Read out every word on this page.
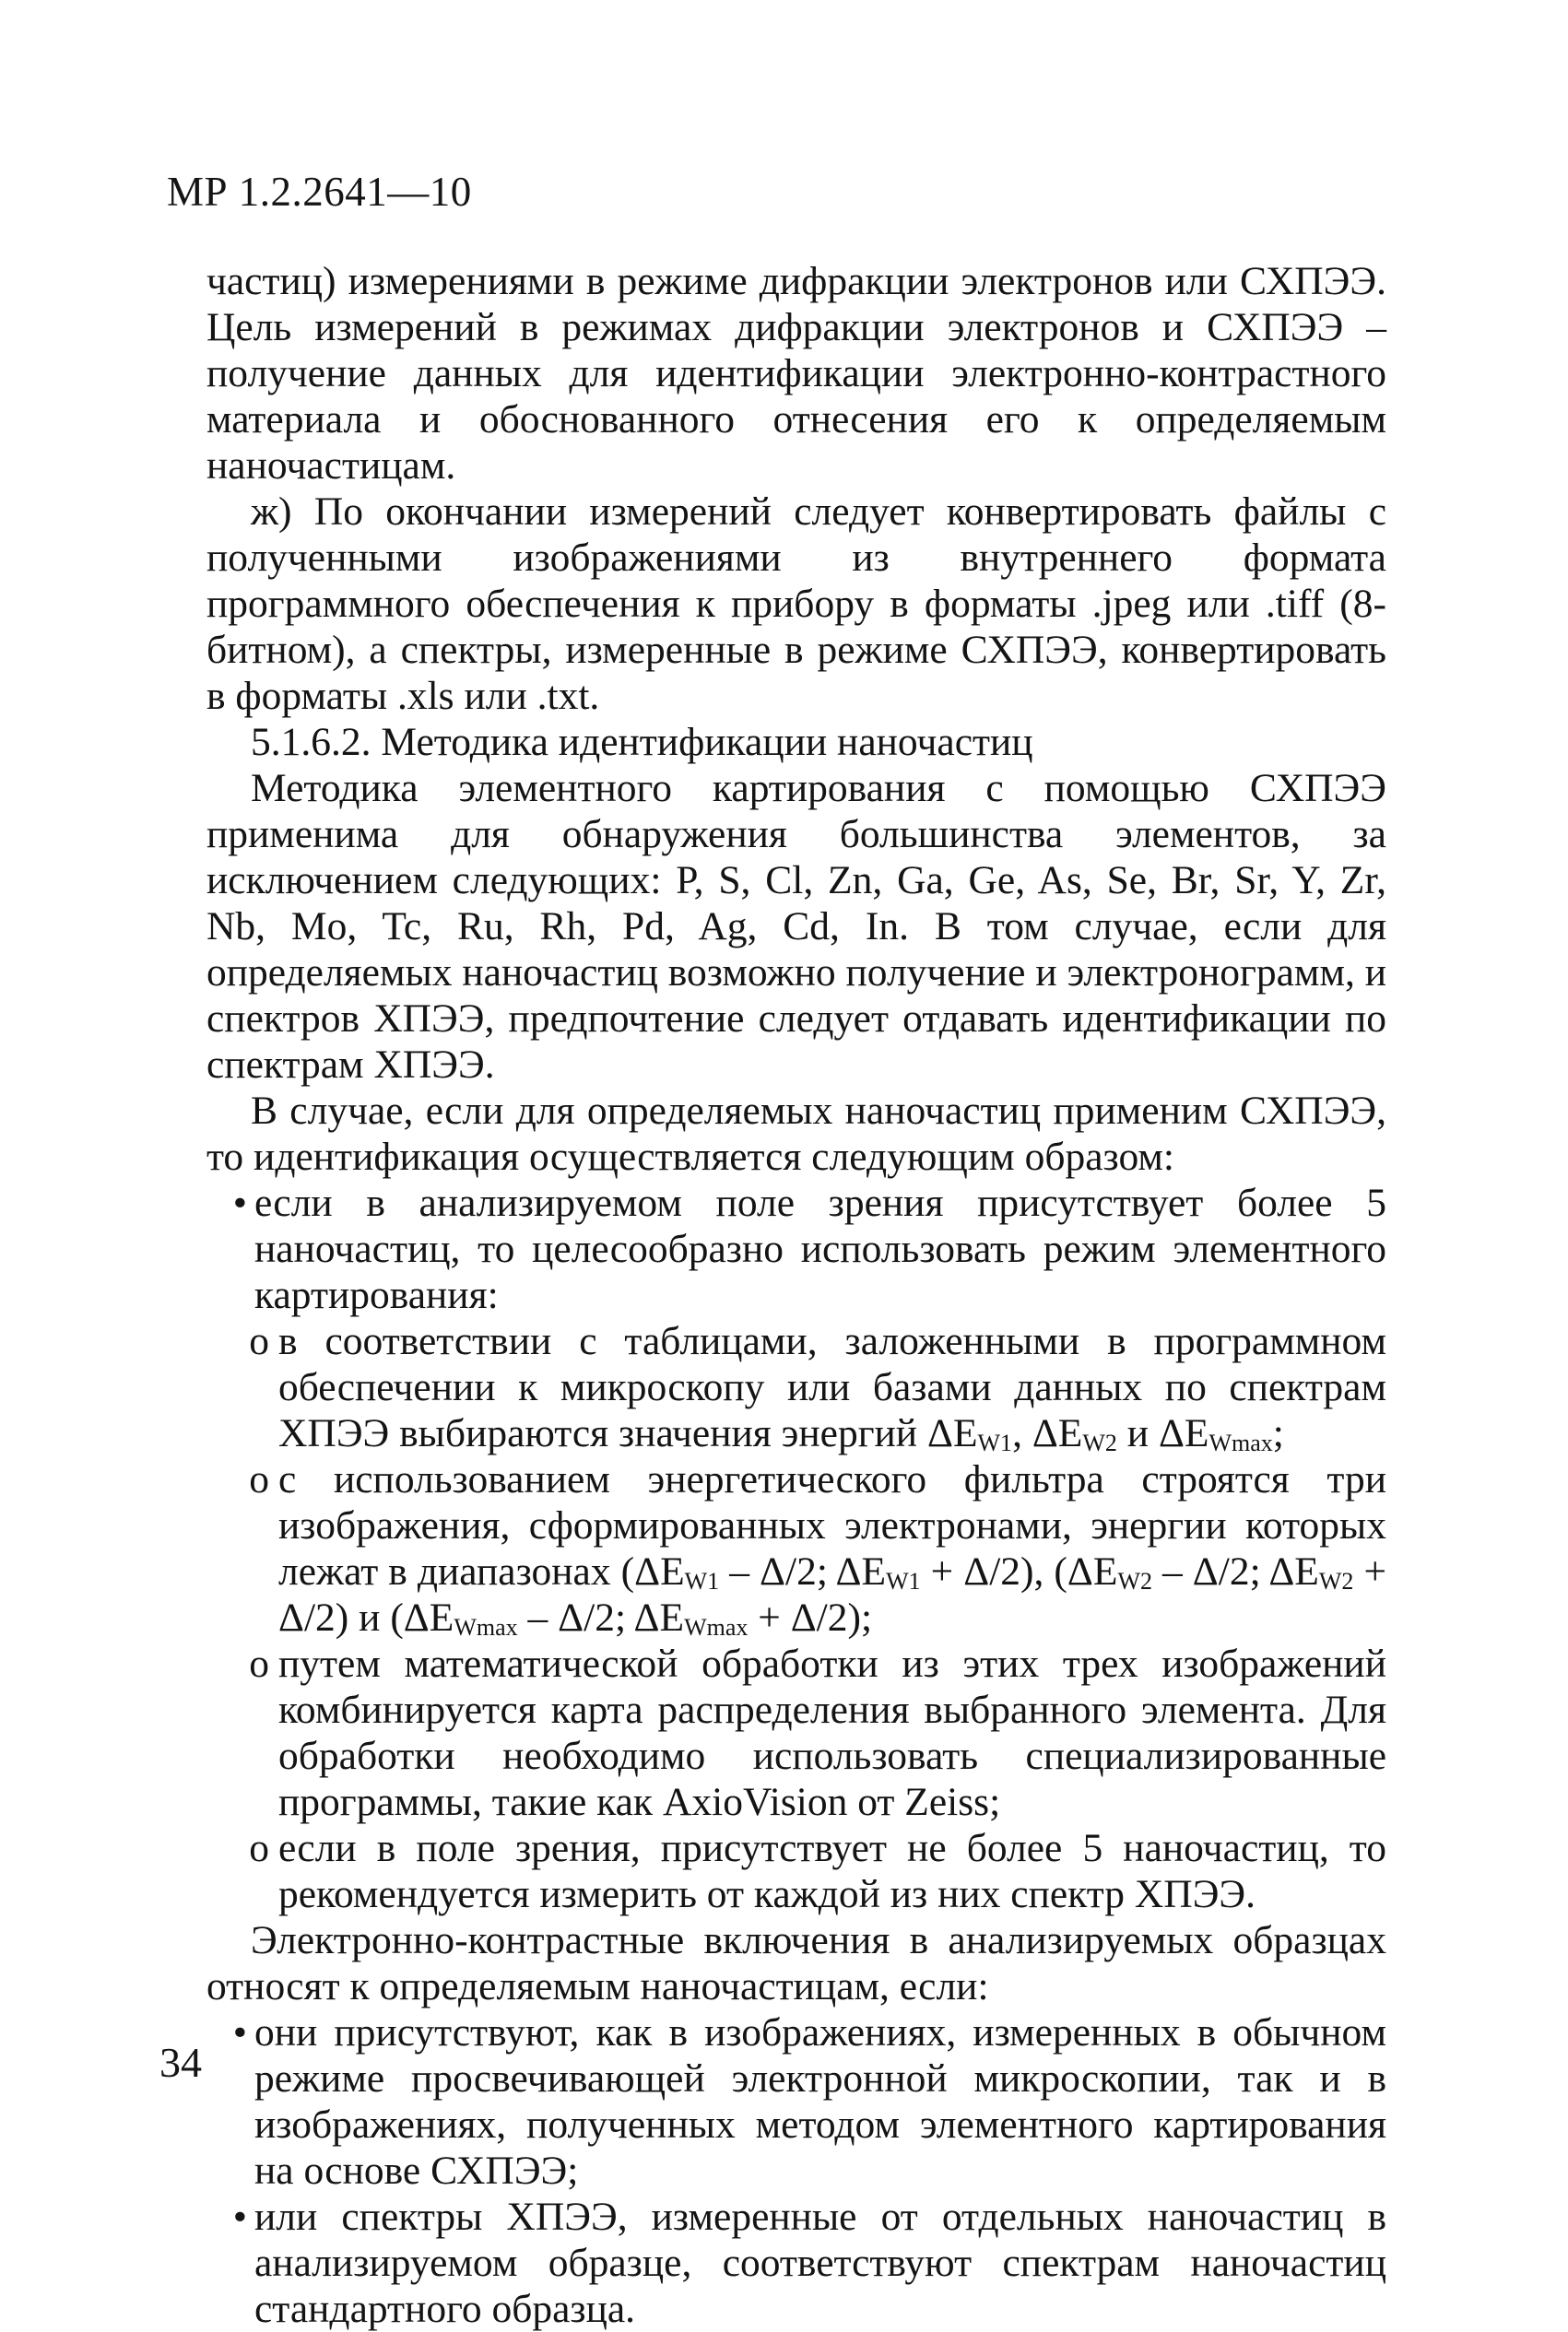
МР 1.2.2641—10

частиц) измерениями в режиме дифракции электронов или СХПЭЭ. Цель измерений в режимах дифракции электронов и СХПЭЭ – получение данных для идентификации электронно-контрастного материала и обоснованного отнесения его к определяемым наночастицам.

ж) По окончании измерений следует конвертировать файлы с полученными изображениями из внутреннего формата программного обеспечения к прибору в форматы .jpeg или .tiff (8-битном), а спектры, измеренные в режиме СХПЭЭ, конвертировать в форматы .xls или .txt.

5.1.6.2. Методика идентификации наночастиц

Методика элементного картирования с помощью СХПЭЭ применима для обнаружения большинства элементов, за исключением следующих: P, S, Cl, Zn, Ga, Ge, As, Se, Br, Sr, Y, Zr, Nb, Mo, Tc, Ru, Rh, Pd, Ag, Cd, In. В том случае, если для определяемых наночастиц возможно получение и электронограмм, и спектров ХПЭЭ, предпочтение следует отдавать идентификации по спектрам ХПЭЭ.

В случае, если для определяемых наночастиц применим СХПЭЭ, то идентификация осуществляется следующим образом:

• если в анализируемом поле зрения присутствует более 5 наночастиц, то целесообразно использовать режим элементного картирования:
o в соответствии с таблицами, заложенными в программном обеспечении к микроскопу или базами данных по спектрам ХПЭЭ выбираются значения энергий $\Delta E_{W1}$, $\Delta E_{W2}$ и $\Delta E_{Wmax}$;
o с использованием энергетического фильтра строятся три изображения, сформированных электронами, энергии которых лежат в диапазонах ($\Delta E_{W1} - \Delta/2$; $\Delta E_{W1} + \Delta/2$), ($\Delta E_{W2} - \Delta/2$; $\Delta E_{W2} + \Delta/2$) и ($\Delta E_{Wmax} - \Delta/2$; $\Delta E_{Wmax} + \Delta/2$);
o путем математической обработки из этих трех изображений комбинируется карта распределения выбранного элемента. Для обработки необходимо использовать специализированные программы, такие как AxioVision от Zeiss;
o если в поле зрения, присутствует не более 5 наночастиц, то рекомендуется измерить от каждой из них спектр ХПЭЭ.

Электронно-контрастные включения в анализируемых образцах относят к определяемым наночастицам, если:

• они присутствуют, как в изображениях, измеренных в обычном режиме просвечивающей электронной микроскопии, так и в изображениях, полученных методом элементного картирования на основе СХПЭЭ;
• или спектры ХПЭЭ, измеренные от отдельных наночастиц в анализируемом образце, соответствуют спектрам наночастиц стандартного образца.
34
